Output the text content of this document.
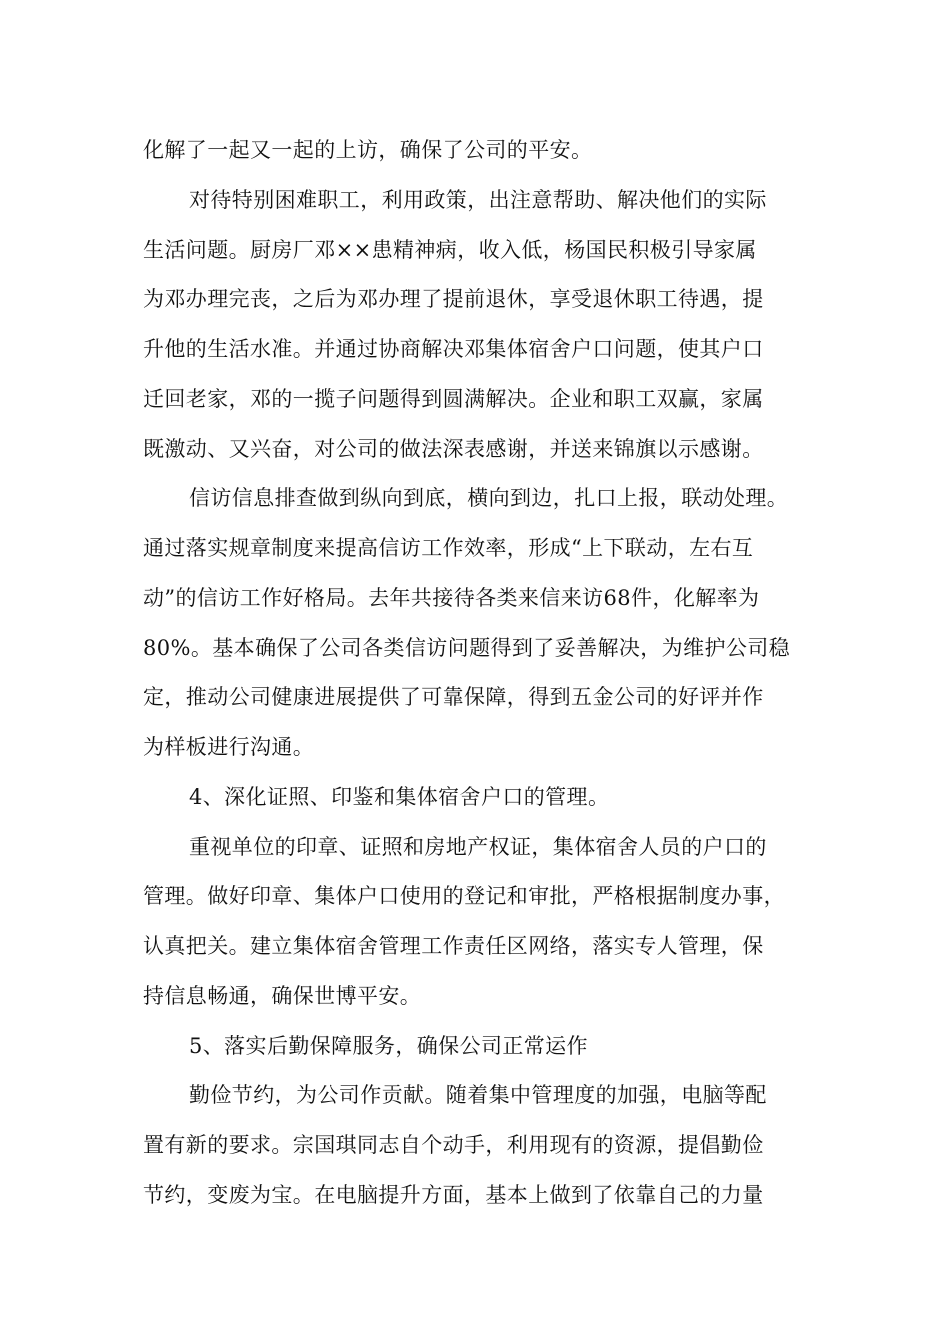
化解了一起又一起的上访，确保了公司的平安。
对待特别困难职工，利用政策，出注意帮助、解决他们的实际
生活问题。厨房厂邓××患精神病，收入低，杨国民积极引导家属
为邓办理完丧，之后为邓办理了提前退休，享受退休职工待遇，提
升他的生活水准。并通过协商解决邓集体宿舍户口问题，使其户口
迁回老家，邓的一揽子问题得到圆满解决。企业和职工双赢，家属
既激动、又兴奋，对公司的做法深表感谢，并送来锦旗以示感谢。
信访信息排查做到纵向到底，横向到边，扎口上报，联动处理。
通过落实规章制度来提高信访工作效率，形成“上下联动，左右互
动”的信访工作好格局。去年共接待各类来信来访68件，化解率为
80%。基本确保了公司各类信访问题得到了妥善解决，为维护公司稳
定，推动公司健康进展提供了可靠保障，得到五金公司的好评并作
为样板进行沟通。
4、深化证照、印鉴和集体宿舍户口的管理。
重视单位的印章、证照和房地产权证，集体宿舍人员的户口的
管理。做好印章、集体户口使用的登记和审批，严格根据制度办事，
认真把关。建立集体宿舍管理工作责任区网络，落实专人管理，保
持信息畅通，确保世博平安。
5、落实后勤保障服务，确保公司正常运作
勤俭节约，为公司作贡献。随着集中管理度的加强，电脑等配
置有新的要求。宗国琪同志自个动手，利用现有的资源，提倡勤俭
节约，变废为宝。在电脑提升方面，基本上做到了依靠自己的力量
